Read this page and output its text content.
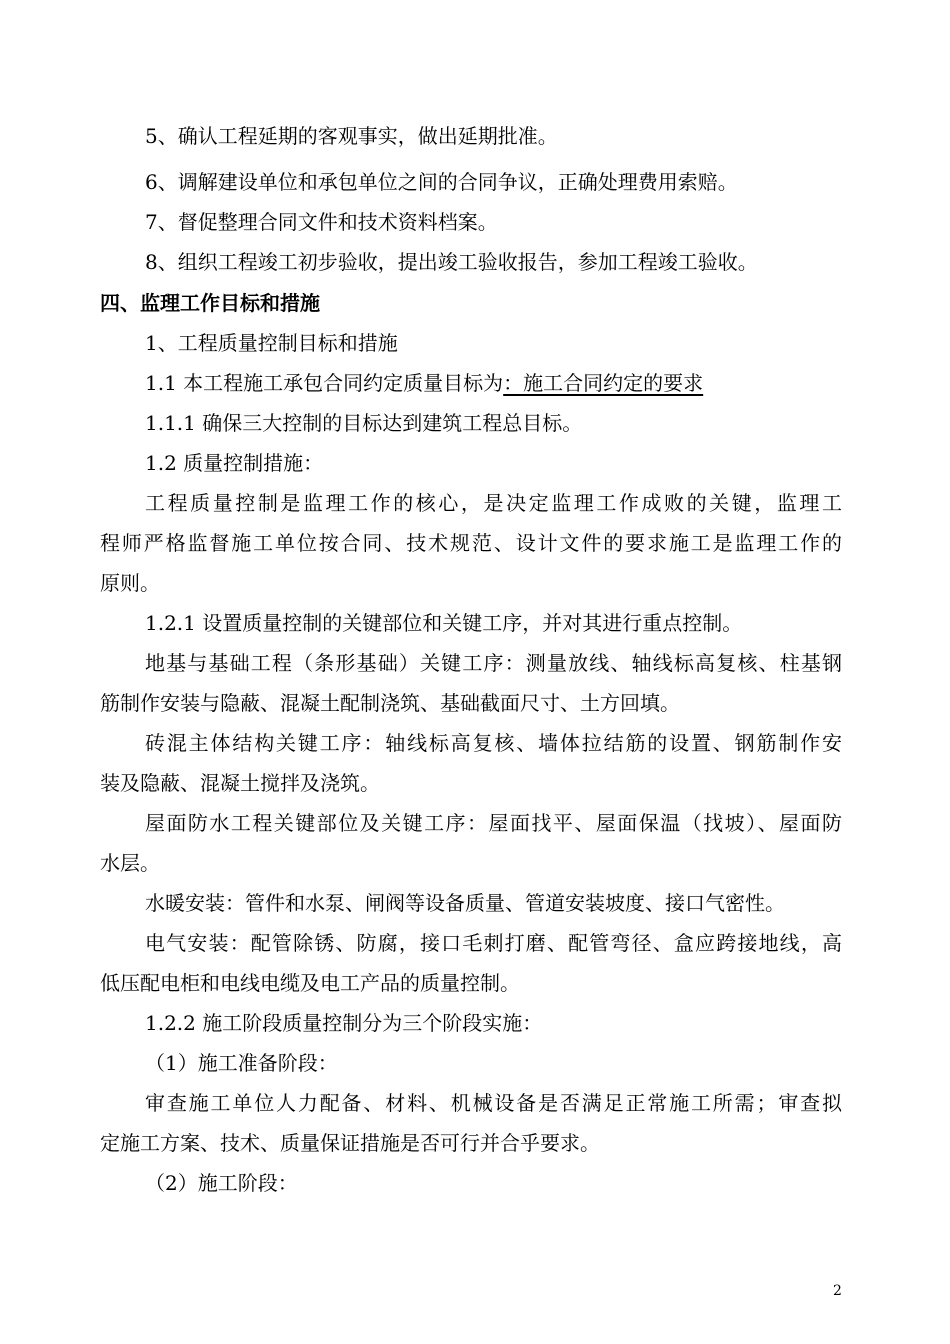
5、确认工程延期的客观事实，做出延期批准。
6、调解建设单位和承包单位之间的合同争议，正确处理费用索赔。
7、督促整理合同文件和技术资料档案。
8、组织工程竣工初步验收，提出竣工验收报告，参加工程竣工验收。
四、监理工作目标和措施
1、工程质量控制目标和措施
1.1 本工程施工承包合同约定质量目标为：施工合同约定的要求
1.1.1 确保三大控制的目标达到建筑工程总目标。
1.2 质量控制措施：
工程质量控制是监理工作的核心，是决定监理工作成败的关键，监理工
程师严格监督施工单位按合同、技术规范、设计文件的要求施工是监理工作的
原则。
1.2.1 设置质量控制的关键部位和关键工序，并对其进行重点控制。
地基与基础工程（条形基础）关键工序：测量放线、轴线标高复核、柱基钢
筋制作安装与隐蔽、混凝土配制浇筑、基础截面尺寸、土方回填。
砖混主体结构关键工序：轴线标高复核、墙体拉结筋的设置、钢筋制作安
装及隐蔽、混凝土搅拌及浇筑。
屋面防水工程关键部位及关键工序：屋面找平、屋面保温（找坡）、屋面防
水层。
水暖安装：管件和水泵、闸阀等设备质量、管道安装坡度、接口气密性。
电气安装：配管除锈、防腐，接口毛刺打磨、配管弯径、盒应跨接地线，高
低压配电柜和电线电缆及电工产品的质量控制。
1.2.2 施工阶段质量控制分为三个阶段实施：
（1）施工准备阶段：
审查施工单位人力配备、材料、机械设备是否满足正常施工所需；审查拟
定施工方案、技术、质量保证措施是否可行并合乎要求。
（2）施工阶段：
2
